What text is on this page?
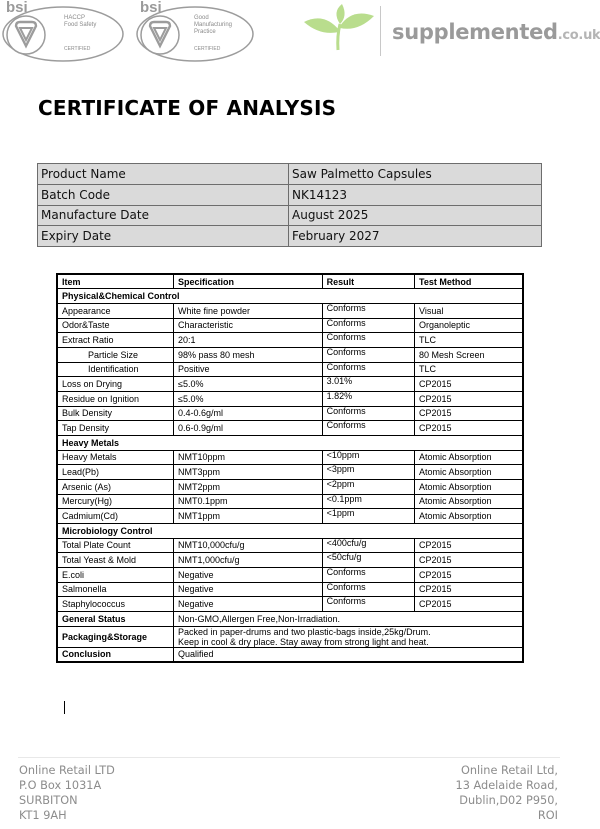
bsi
HACCP
Food Safety
CERTIFIED
bsi
Good
Manufacturing
Practice
CERTIFIED
supplemented.co.uk
CERTIFICATE OF ANALYSIS
Product Name	Saw Palmetto Capsules
Batch Code	NK14123
Manufacture Date	August 2025
Expiry Date	February 2027
Item	Specification	Result	Test Method
Physical&Chemical Control			
Appearance	White fine powder	Conforms	Visual
Odor&Taste	Characteristic	Conforms	Organoleptic
Extract Ratio	20:1	Conforms	TLC
Particle Size	98% pass 80 mesh	Conforms	80 Mesh Screen
Identification	Positive	Conforms	TLC
Loss on Drying	≤5.0%	3.01%	CP2015
Residue on Ignition	≤5.0%	1.82%	CP2015
Bulk Density	0.4-0.6g/ml	Conforms	CP2015
Tap Density	0.6-0.9g/ml	Conforms	CP2015
Heavy Metals			
Heavy Metals	NMT10ppm	<10ppm	Atomic Absorption
Lead(Pb)	NMT3ppm	<3ppm	Atomic Absorption
Arsenic (As)	NMT2ppm	<2ppm	Atomic Absorption
Mercury(Hg)	NMT0.1ppm	<0.1ppm	Atomic Absorption
Cadmium(Cd)	NMT1ppm	<1ppm	Atomic Absorption
Microbiology Control			
Total Plate Count	NMT10,000cfu/g	<400cfu/g	CP2015
Total Yeast & Mold	NMT1,000cfu/g	<50cfu/g	CP2015
E.coli	Negative	Conforms	CP2015
Salmonella	Negative	Conforms	CP2015
Staphylococcus	Negative	Conforms	CP2015
General Status	Non-GMO,Allergen Free,Non-Irradiation.		
Packaging&Storage	Packed in paper-drums and two plastic-bags inside,25kg/Drum.
Keep in cool & dry place. Stay away from strong light and heat.		
Conclusion	Qualified		
Online Retail LTD
P.O Box 1031A
SURBITON
KT1 9AH
Online Retail Ltd,
13 Adelaide Road,
Dublin,D02 P950,
ROI
